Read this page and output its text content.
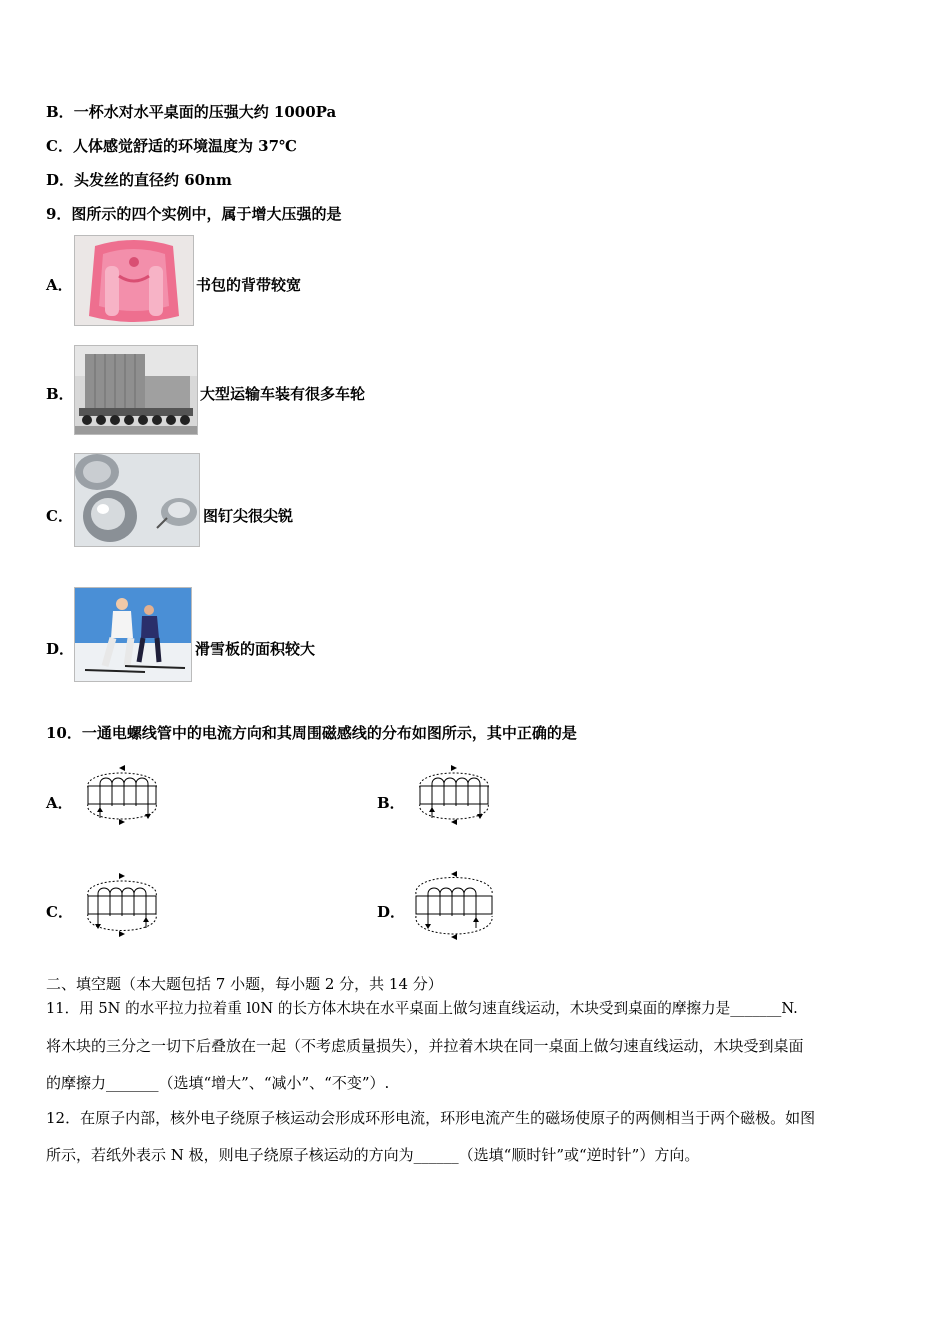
B．一杯水对水平桌面的压强大约 1000Pa
C．人体感觉舒适的环境温度为 37℃
D．头发丝的直径约 60nm
9．图所示的四个实例中，属于增大压强的是
A．	书包的背带较宽
B．	大型运输车装有很多车轮
C．	图钉尖很尖锐
D．	滑雪板的面积较大
10．一通电螺线管中的电流方向和其周围磁感线的分布如图所示，其中正确的是
A．	B．
C．	D．
二、填空题（本大题包括 7 小题，每小题 2 分，共 14 分）
11．用 5N 的水平拉力拉着重 l0N 的长方体木块在水平桌面上做匀速直线运动，木块受到桌面的摩擦力是_______N.
将木块的三分之一切下后叠放在一起（不考虑质量损失），并拉着木块在同一桌面上做匀速直线运动，木块受到桌面
的摩擦力_______（选填“增大”、“减小”、“不变”）.
12．在原子内部，核外电子绕原子核运动会形成环形电流，环形电流产生的磁场使原子的两侧相当于两个磁极。如图
所示，若纸外表示 N 极，则电子绕原子核运动的方向为______（选填“顺时针”或“逆时针”）方向。
